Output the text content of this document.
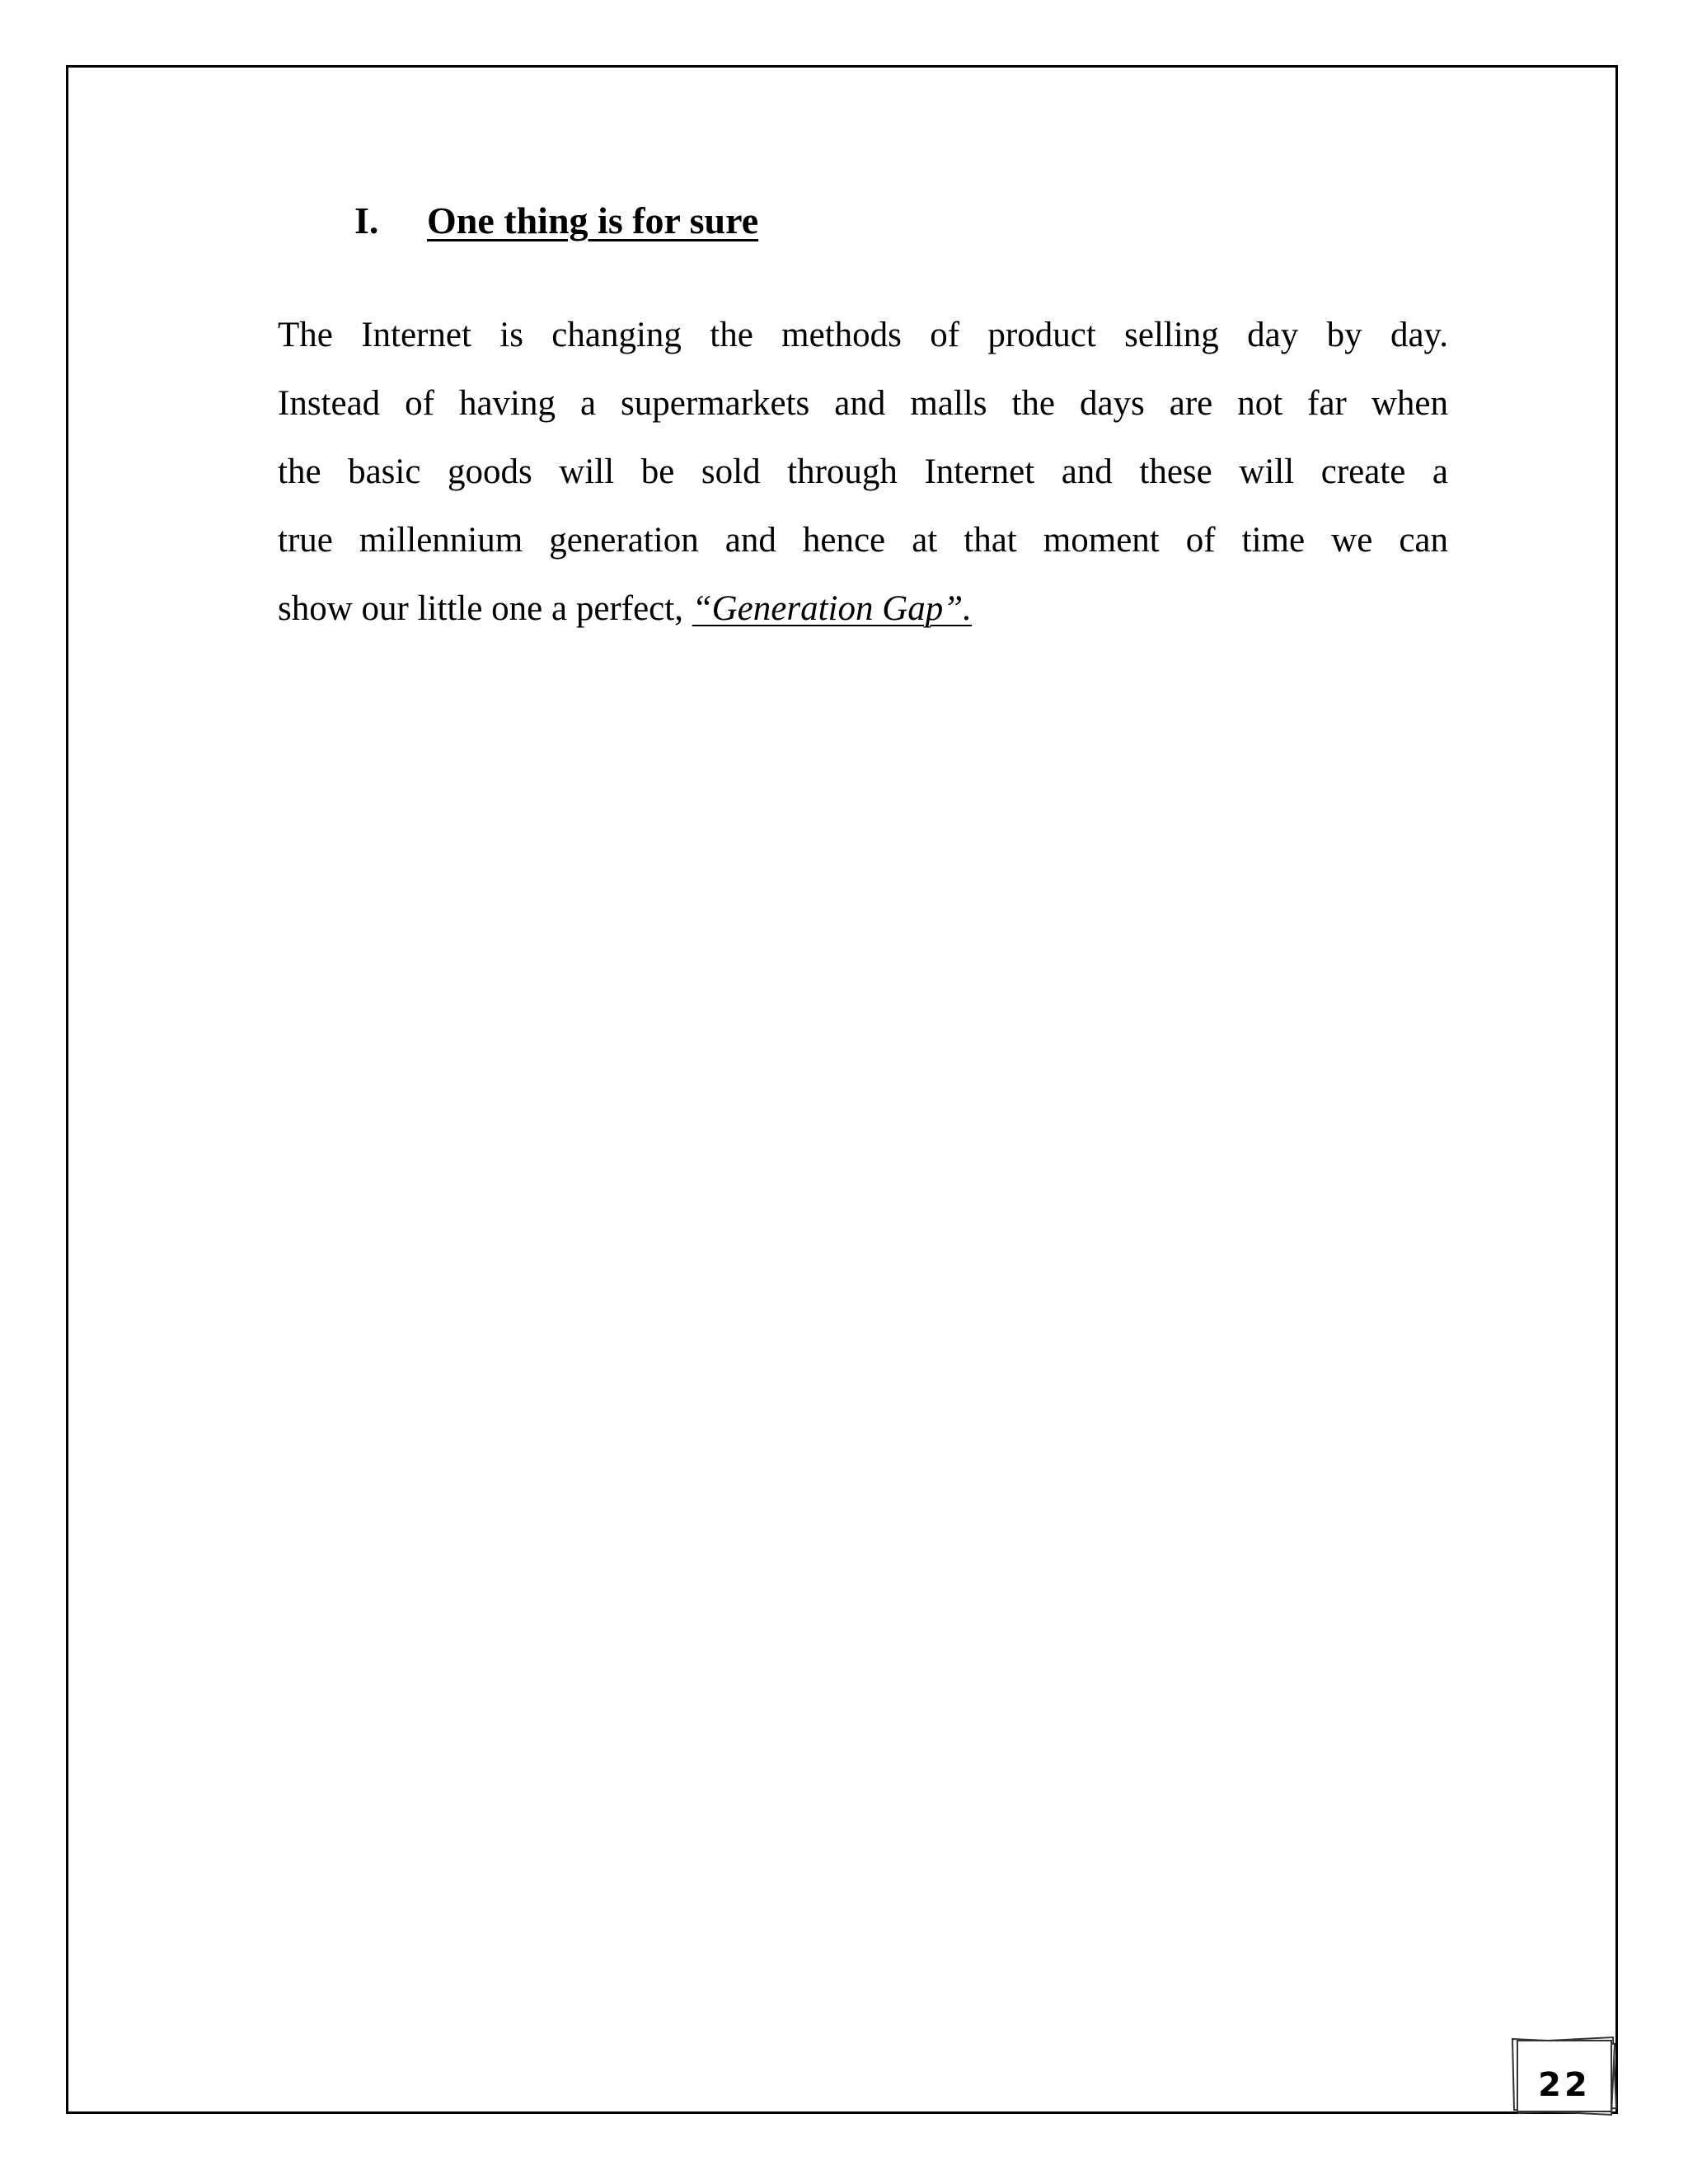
I. One thing is for sure
The Internet is changing the methods of product selling day by day.
Instead of having a supermarkets and malls the days are not far when
the basic goods will be sold through Internet and these will create a
true millennium generation and hence at that moment of time we can
show our little one a perfect, “Generation Gap”.
22
